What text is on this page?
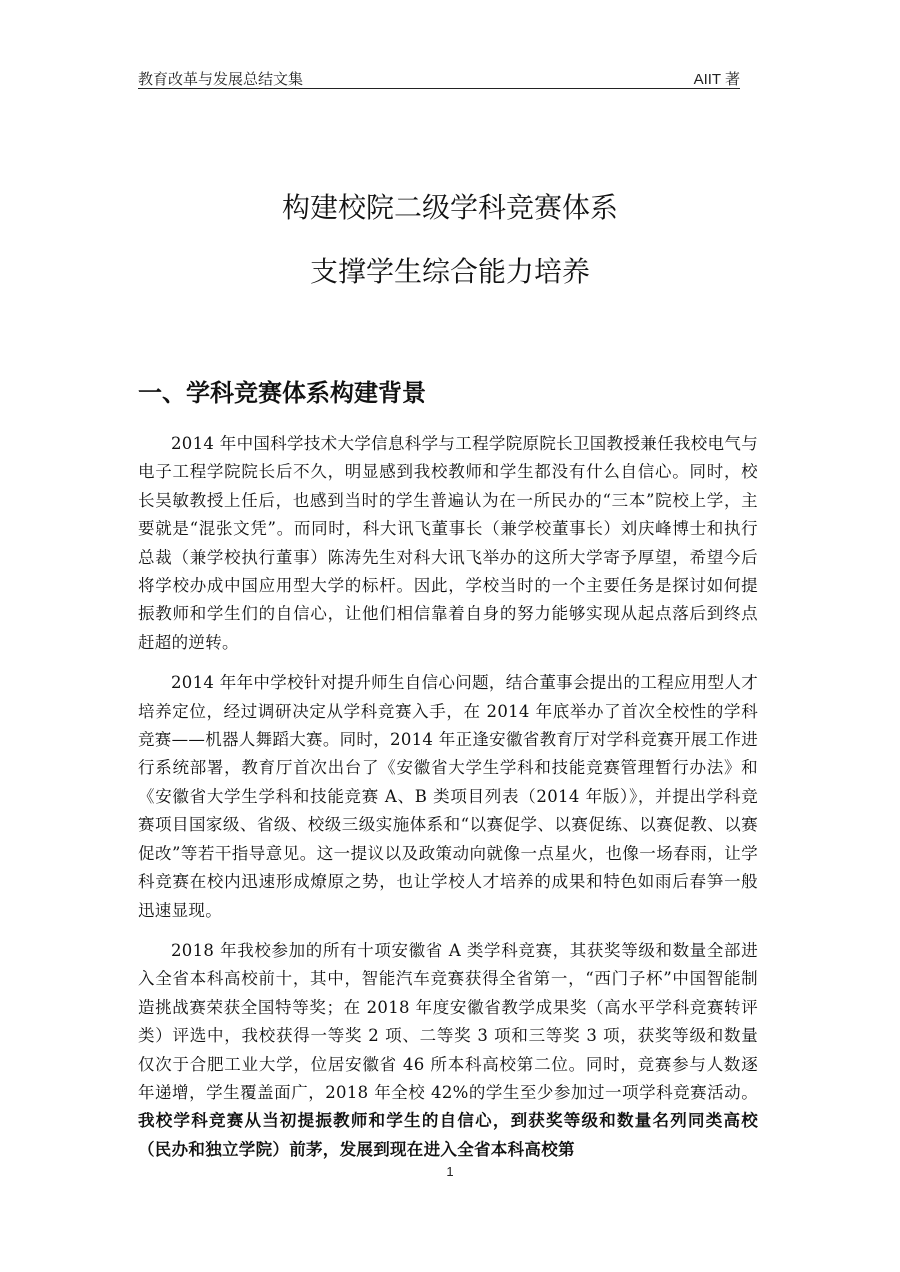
教育改革与发展总结文集	AIIT 著
构建校院二级学科竞赛体系
支撑学生综合能力培养
一、学科竞赛体系构建背景

2014 年中国科学技术大学信息科学与工程学院原院长卫国教授兼任我校电气与电子工程学院院长后不久，明显感到我校教师和学生都没有什么自信心。同时，校长吴敏教授上任后，也感到当时的学生普遍认为在一所民办的“三本”院校上学，主要就是“混张文凭”。而同时，科大讯飞董事长（兼学校董事长）刘庆峰博士和执行总裁（兼学校执行董事）陈涛先生对科大讯飞举办的这所大学寄予厚望，希望今后将学校办成中国应用型大学的标杆。因此，学校当时的一个主要任务是探讨如何提振教师和学生们的自信心，让他们相信靠着自身的努力能够实现从起点落后到终点赶超的逆转。

2014 年年中学校针对提升师生自信心问题，结合董事会提出的工程应用型人才培养定位，经过调研决定从学科竞赛入手，在 2014 年底举办了首次全校性的学科竞赛——机器人舞蹈大赛。同时，2014 年正逢安徽省教育厅对学科竞赛开展工作进行系统部署，教育厅首次出台了《安徽省大学生学科和技能竞赛管理暂行办法》和《安徽省大学生学科和技能竞赛 A、B 类项目列表（2014 年版）》，并提出学科竞赛项目国家级、省级、校级三级实施体系和“以赛促学、以赛促练、以赛促教、以赛促改”等若干指导意见。这一提议以及政策动向就像一点星火，也像一场春雨，让学科竞赛在校内迅速形成燎原之势，也让学校人才培养的成果和特色如雨后春笋一般迅速显现。

2018 年我校参加的所有十项安徽省 A 类学科竞赛，其获奖等级和数量全部进入全省本科高校前十，其中，智能汽车竞赛获得全省第一，“西门子杯”中国智能制造挑战赛荣获全国特等奖；在 2018 年度安徽省教学成果奖（高水平学科竞赛转评类）评选中，我校获得一等奖 2 项、二等奖 3 项和三等奖 3 项，获奖等级和数量仅次于合肥工业大学，位居安徽省 46 所本科高校第二位。同时，竞赛参与人数逐年递增，学生覆盖面广，2018 年全校 42%的学生至少参加过一项学科竞赛活动。我校学科竞赛从当初提振教师和学生的自信心，到获奖等级和数量名列同类高校（民办和独立学院）前茅，发展到现在进入全省本科高校第

1
